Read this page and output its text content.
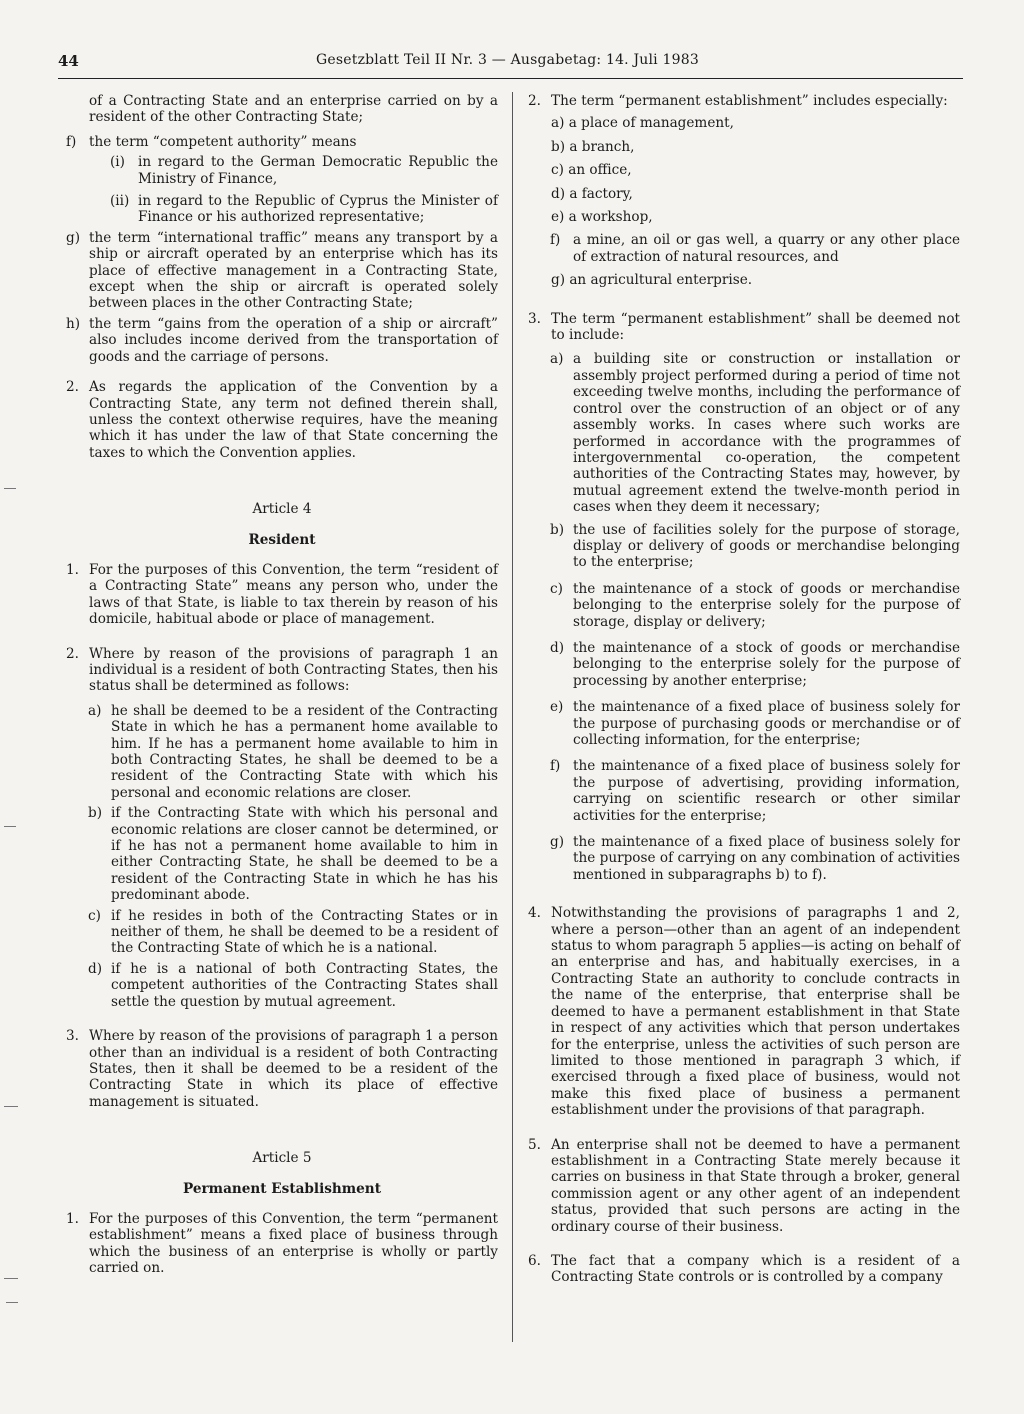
44	Gesetzblatt Teil II Nr. 3 — Ausgabetag: 14. Juli 1983

of a Contracting State and an enterprise carried on by a resident of the other Contracting State;

f) the term “competent authority” means
(i) in regard to the German Democratic Republic the Ministry of Finance,
(ii) in regard to the Republic of Cyprus the Minister of Finance or his authorized representative;
g) the term “international traffic” means any transport by a ship or aircraft operated by an enterprise which has its place of effective management in a Contracting State, except when the ship or aircraft is operated solely between places in the other Contracting State;
h) the term “gains from the operation of a ship or aircraft” also includes income derived from the transportation of goods and the carriage of persons.
2. As regards the application of the Convention by a Contracting State, any term not defined therein shall, unless the context otherwise requires, have the meaning which it has under the law of that State concerning the taxes to which the Convention applies.

Article 4

Resident

1. For the purposes of this Convention, the term “resident of a Contracting State” means any person who, under the laws of that State, is liable to tax therein by reason of his domicile, habitual abode or place of management.
2. Where by reason of the provisions of paragraph 1 an individual is a resident of both Contracting States, then his status shall be determined as follows:
a) he shall be deemed to be a resident of the Contracting State in which he has a permanent home available to him. If he has a permanent home available to him in both Contracting States, he shall be deemed to be a resident of the Contracting State with which his personal and economic relations are closer.
b) if the Contracting State with which his personal and economic relations are closer cannot be determined, or if he has not a permanent home available to him in either Contracting State, he shall be deemed to be a resident of the Contracting State in which he has his predominant abode.
c) if he resides in both of the Contracting States or in neither of them, he shall be deemed to be a resident of the Contracting State of which he is a national.
d) if he is a national of both Contracting States, the competent authorities of the Contracting States shall settle the question by mutual agreement.
3. Where by reason of the provisions of paragraph 1 a person other than an individual is a resident of both Contracting States, then it shall be deemed to be a resident of the Contracting State in which its place of effective management is situated.

Article 5

Permanent Establishment

1. For the purposes of this Convention, the term “permanent establishment” means a fixed place of business through which the business of an enterprise is wholly or partly carried on.
2. The term “permanent establishment” includes especially:

a) a place of management,

b) a branch,

c) an office,

d) a factory,

e) a workshop,

f) a mine, an oil or gas well, a quarry or any other place of extraction of natural resources, and

g) an agricultural enterprise.

3. The term “permanent establishment” shall be deemed not to include:
a) a building site or construction or installation or assembly project performed during a period of time not exceeding twelve months, including the performance of control over the construction of an object or of any assembly works. In cases where such works are performed in accordance with the programmes of intergovernmental co-operation, the competent authorities of the Contracting States may, however, by mutual agreement extend the twelve-month period in cases when they deem it necessary;
b) the use of facilities solely for the purpose of storage, display or delivery of goods or merchandise belonging to the enterprise;
c) the maintenance of a stock of goods or merchandise belonging to the enterprise solely for the purpose of storage, display or delivery;
d) the maintenance of a stock of goods or merchandise belonging to the enterprise solely for the purpose of processing by another enterprise;
e) the maintenance of a fixed place of business solely for the purpose of purchasing goods or merchandise or of collecting information, for the enterprise;
f) the maintenance of a fixed place of business solely for the purpose of advertising, providing information, carrying on scientific research or other similar activities for the enterprise;
g) the maintenance of a fixed place of business solely for the purpose of carrying on any combination of activities mentioned in subparagraphs b) to f).
4. Notwithstanding the provisions of paragraphs 1 and 2, where a person—other than an agent of an independent status to whom paragraph 5 applies—is acting on behalf of an enterprise and has, and habitually exercises, in a Contracting State an authority to conclude contracts in the name of the enterprise, that enterprise shall be deemed to have a permanent establishment in that State in respect of any activities which that person undertakes for the enterprise, unless the activities of such person are limited to those mentioned in paragraph 3 which, if exercised through a fixed place of business, would not make this fixed place of business a permanent establishment under the provisions of that paragraph.
5. An enterprise shall not be deemed to have a permanent establishment in a Contracting State merely because it carries on business in that State through a broker, general commission agent or any other agent of an independent status, provided that such persons are acting in the ordinary course of their business.
6. The fact that a company which is a resident of a Contracting State controls or is controlled by a company
